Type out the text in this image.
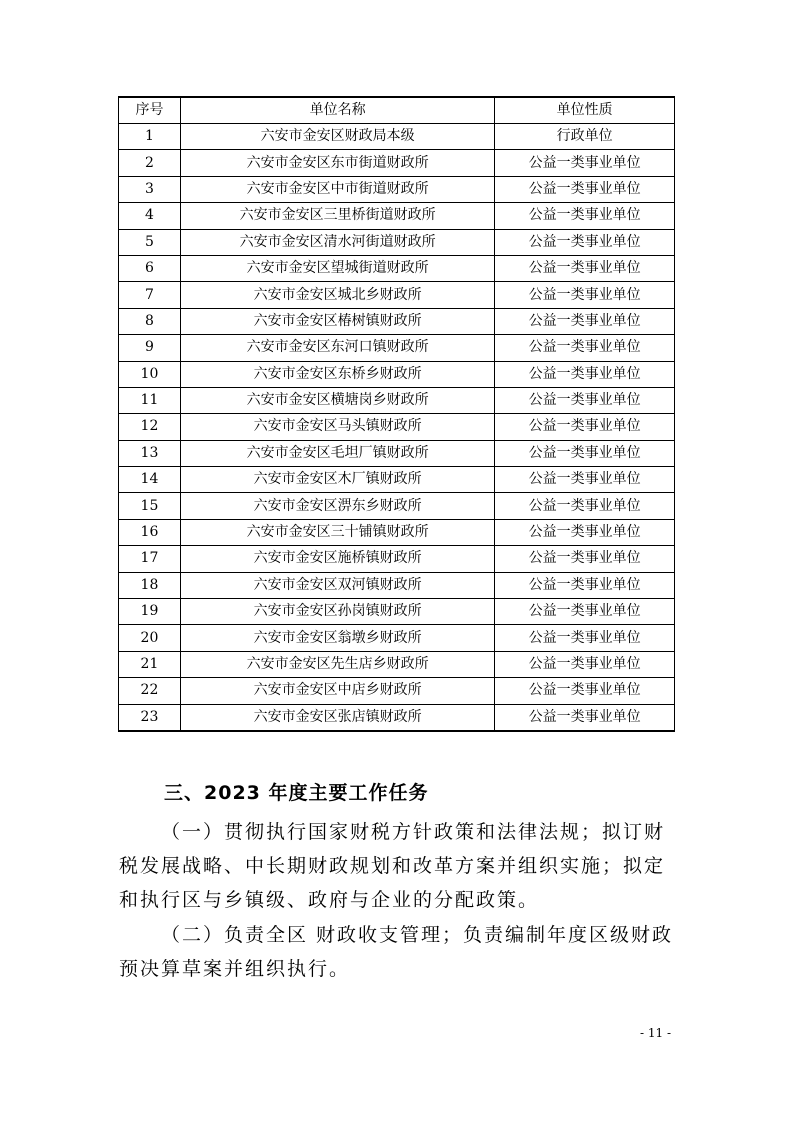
序号	单位名称	单位性质
1	六安市金安区财政局本级	行政单位
2	六安市金安区东市街道财政所	公益一类事业单位
3	六安市金安区中市街道财政所	公益一类事业单位
4	六安市金安区三里桥街道财政所	公益一类事业单位
5	六安市金安区清水河街道财政所	公益一类事业单位
6	六安市金安区望城街道财政所	公益一类事业单位
7	六安市金安区城北乡财政所	公益一类事业单位
8	六安市金安区椿树镇财政所	公益一类事业单位
9	六安市金安区东河口镇财政所	公益一类事业单位
10	六安市金安区东桥乡财政所	公益一类事业单位
11	六安市金安区横塘岗乡财政所	公益一类事业单位
12	六安市金安区马头镇财政所	公益一类事业单位
13	六安市金安区毛坦厂镇财政所	公益一类事业单位
14	六安市金安区木厂镇财政所	公益一类事业单位
15	六安市金安区淠东乡财政所	公益一类事业单位
16	六安市金安区三十铺镇财政所	公益一类事业单位
17	六安市金安区施桥镇财政所	公益一类事业单位
18	六安市金安区双河镇财政所	公益一类事业单位
19	六安市金安区孙岗镇财政所	公益一类事业单位
20	六安市金安区翁墩乡财政所	公益一类事业单位
21	六安市金安区先生店乡财政所	公益一类事业单位
22	六安市金安区中店乡财政所	公益一类事业单位
23	六安市金安区张店镇财政所	公益一类事业单位
三、2023 年度主要工作任务

（一）贯彻执行国家财税方针政策和法律法规；拟订财税发展战略、中长期财政规划和改革方案并组织实施；拟定和执行区与乡镇级、政府与企业的分配政策。

（二）负责全区 财政收支管理；负责编制年度区级财政预决算草案并组织执行。

- 11 -
